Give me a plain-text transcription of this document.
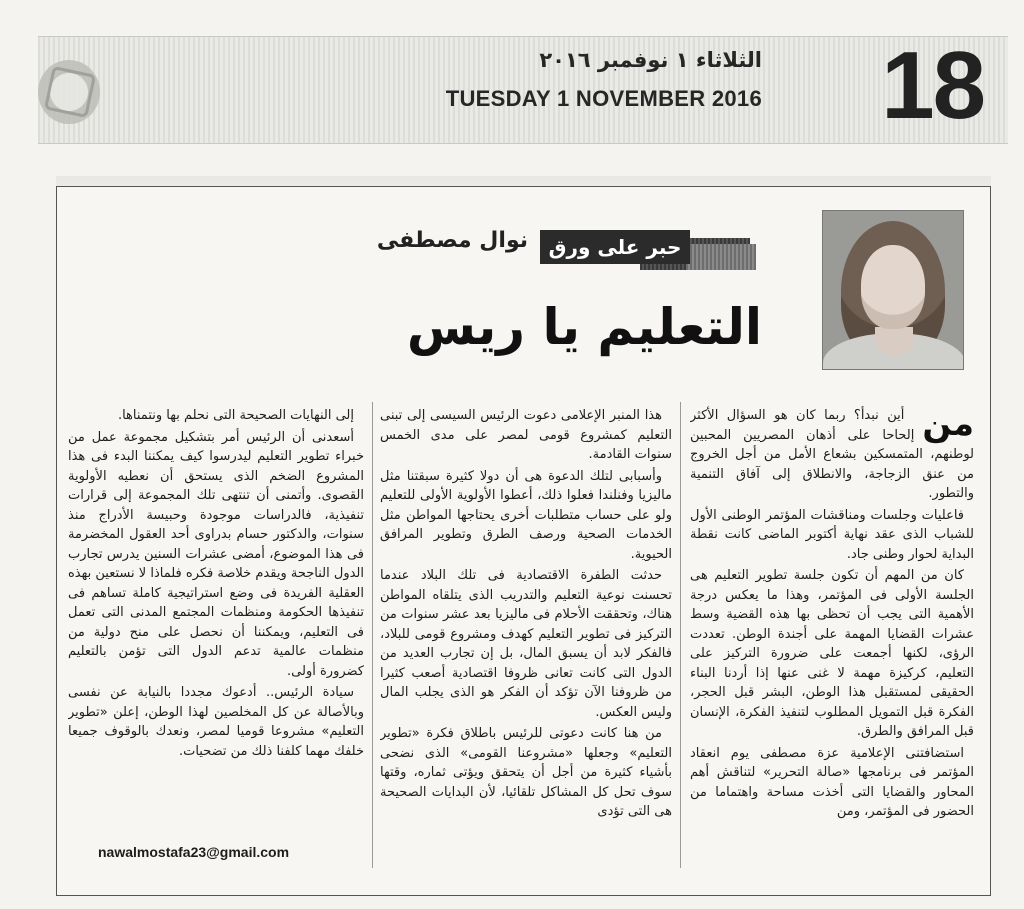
الثلاثاء ١ نوفمبر ٢٠١٦
TUESDAY 1 NOVEMBER 2016 18
حبر على ورق
نوال مصطفى
التعليم يا ريس
من

أين نبدأ؟ ربما كان هو السؤال الأكثر إلحاحا على أذهان المصريين المحبين لوطنهم، المتمسكين بشعاع الأمل من أجل الخروج من عنق الزجاجة، والانطلاق إلى آفاق التنمية والتطور.

فاعليات وجلسات ومناقشات المؤتمر الوطنى الأول للشباب الذى عقد نهاية أكتوبر الماضى كانت نقطة البداية لحوار وطنى جاد.

كان من المهم أن تكون جلسة تطوير التعليم هى الجلسة الأولى فى المؤتمر، وهذا ما يعكس درجة الأهمية التى يجب أن تحظى بها هذه القضية وسط عشرات القضايا المهمة على أجندة الوطن. تعددت الرؤى، لكنها أجمعت على ضرورة التركيز على التعليم، كركيزة مهمة لا غنى عنها إذا أردنا البناء الحقيقى لمستقبل هذا الوطن، البشر قبل الحجر، الفكرة قبل التمويل المطلوب لتنفيذ الفكرة، الإنسان قبل المرافق والطرق.

استضافتنى الإعلامية عزة مصطفى يوم انعقاد المؤتمر فى برنامجها «صالة التحرير» لتناقش أهم المحاور والقضايا التى أخذت مساحة واهتماما من الحضور فى المؤتمر، ومن

هذا المنبر الإعلامى دعوت الرئيس السيسى إلى تبنى التعليم كمشروع قومى لمصر على مدى الخمس سنوات القادمة.

وأسبابى لتلك الدعوة هى أن دولا كثيرة سبقتنا مثل ماليزيا وفنلندا فعلوا ذلك، أعطوا الأولوية الأولى للتعليم ولو على حساب متطلبات أخرى يحتاجها المواطن مثل الخدمات الصحية ورصف الطرق وتطوير المرافق الحيوية.

حدثت الطفرة الاقتصادية فى تلك البلاد عندما تحسنت نوعية التعليم والتدريب الذى يتلقاه المواطن هناك، وتحققت الأحلام فى ماليزيا بعد عشر سنوات من التركيز فى تطوير التعليم كهدف ومشروع قومى للبلاد، فالفكر لابد أن يسبق المال، بل إن تجارب العديد من الدول التى كانت تعانى ظروفا اقتصادية أصعب كثيرا من ظروفنا الآن تؤكد أن الفكر هو الذى يجلب المال وليس العكس.

من هنا كانت دعوتى للرئيس باطلاق فكرة «تطوير التعليم» وجعلها «مشروعنا القومى» الذى نضحى بأشياء كثيرة من أجل أن يتحقق ويؤتى ثماره، وقتها سوف تحل كل المشاكل تلقائيا، لأن البدايات الصحيحة هى التى تؤدى

إلى النهايات الصحيحة التى نحلم بها ونتمناها.

أسعدنى أن الرئيس أمر بتشكيل مجموعة عمل من خبراء تطوير التعليم ليدرسوا كيف يمكننا البدء فى هذا المشروع الضخم الذى يستحق أن نعطيه الأولوية القصوى. وأتمنى أن تنتهى تلك المجموعة إلى قرارات تنفيذية، فالدراسات موجودة وحبيسة الأدراج منذ سنوات، والدكتور حسام بدراوى أحد العقول المخضرمة فى هذا الموضوع، أمضى عشرات السنين يدرس تجارب الدول الناجحة ويقدم خلاصة فكره فلماذا لا نستعين بهذه العقلية الفريدة فى وضع استراتيجية كاملة تساهم فى تنفيذها الحكومة ومنظمات المجتمع المدنى التى تعمل فى التعليم، ويمكننا أن نحصل على منح دولية من منظمات عالمية تدعم الدول التى تؤمن بالتعليم كضرورة أولى.

سيادة الرئيس.. أدعوك مجددا بالنيابة عن نفسى وبالأصالة عن كل المخلصين لهذا الوطن، إعلن «تطوير التعليم» مشروعا قوميا لمصر، ونعدك بالوقوف جميعا خلفك مهما كلفنا ذلك من تضحيات.

nawalmostafa23@gmail.com
